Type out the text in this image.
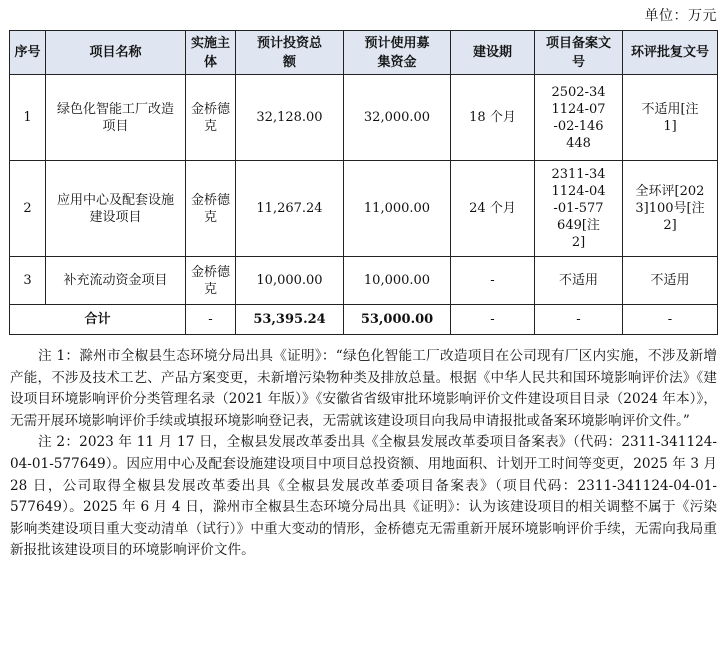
单位：万元
序号	项目名称	实施主体	预计投资总额	预计使用募集资金	建设期	项目备案文号	环评批复文号

1	绿色化智能工厂改造项目	金桥德克	32,128.00	32,000.00	18 个月	2502-341124-07-02-146448	不适用[注 1]

2	应用中心及配套设施建设项目	金桥德克	11,267.24	11,000.00	24 个月	2311-341124-04-01-577649[注 2]	全环评[2023]100号[注 2]

3	补充流动资金项目	金桥德克	10,000.00	10,000.00	-	不适用	不适用
合计		-	53,395.24	53,000.00	-	-	-

注 1：滁州市全椒县生态环境分局出具《证明》：“绿色化智能工厂改造项目在公司现有厂区内实施，不涉及新增产能，不涉及技术工艺、产品方案变更，未新增污染物种类及排放总量。根据《中华人民共和国环境影响评价法》《建设项目环境影响评价分类管理名录（2021 年版）》《安徽省省级审批环境影响评价文件建设项目目录（2024 年本）》，无需开展环境影响评价手续或填报环境影响登记表，无需就该建设项目向我局申请报批或备案环境影响评价文件。”

注 2：2023 年 11 月 17 日，全椒县发展改革委出具《全椒县发展改革委项目备案表》（代码：2311-341124-04-01-577649）。因应用中心及配套设施建设项目中项目总投资额、用地面积、计划开工时间等变更，2025 年 3 月 28 日，公司取得全椒县发展改革委出具《全椒县发展改革委项目备案表》（项目代码：2311-341124-04-01-577649）。2025 年 6 月 4 日，滁州市全椒县生态环境分局出具《证明》：认为该建设项目的相关调整不属于《污染影响类建设项目重大变动清单（试行）》中重大变动的情形，金桥德克无需重新开展环境影响评价手续，无需向我局重新报批该建设项目的环境影响评价文件。
